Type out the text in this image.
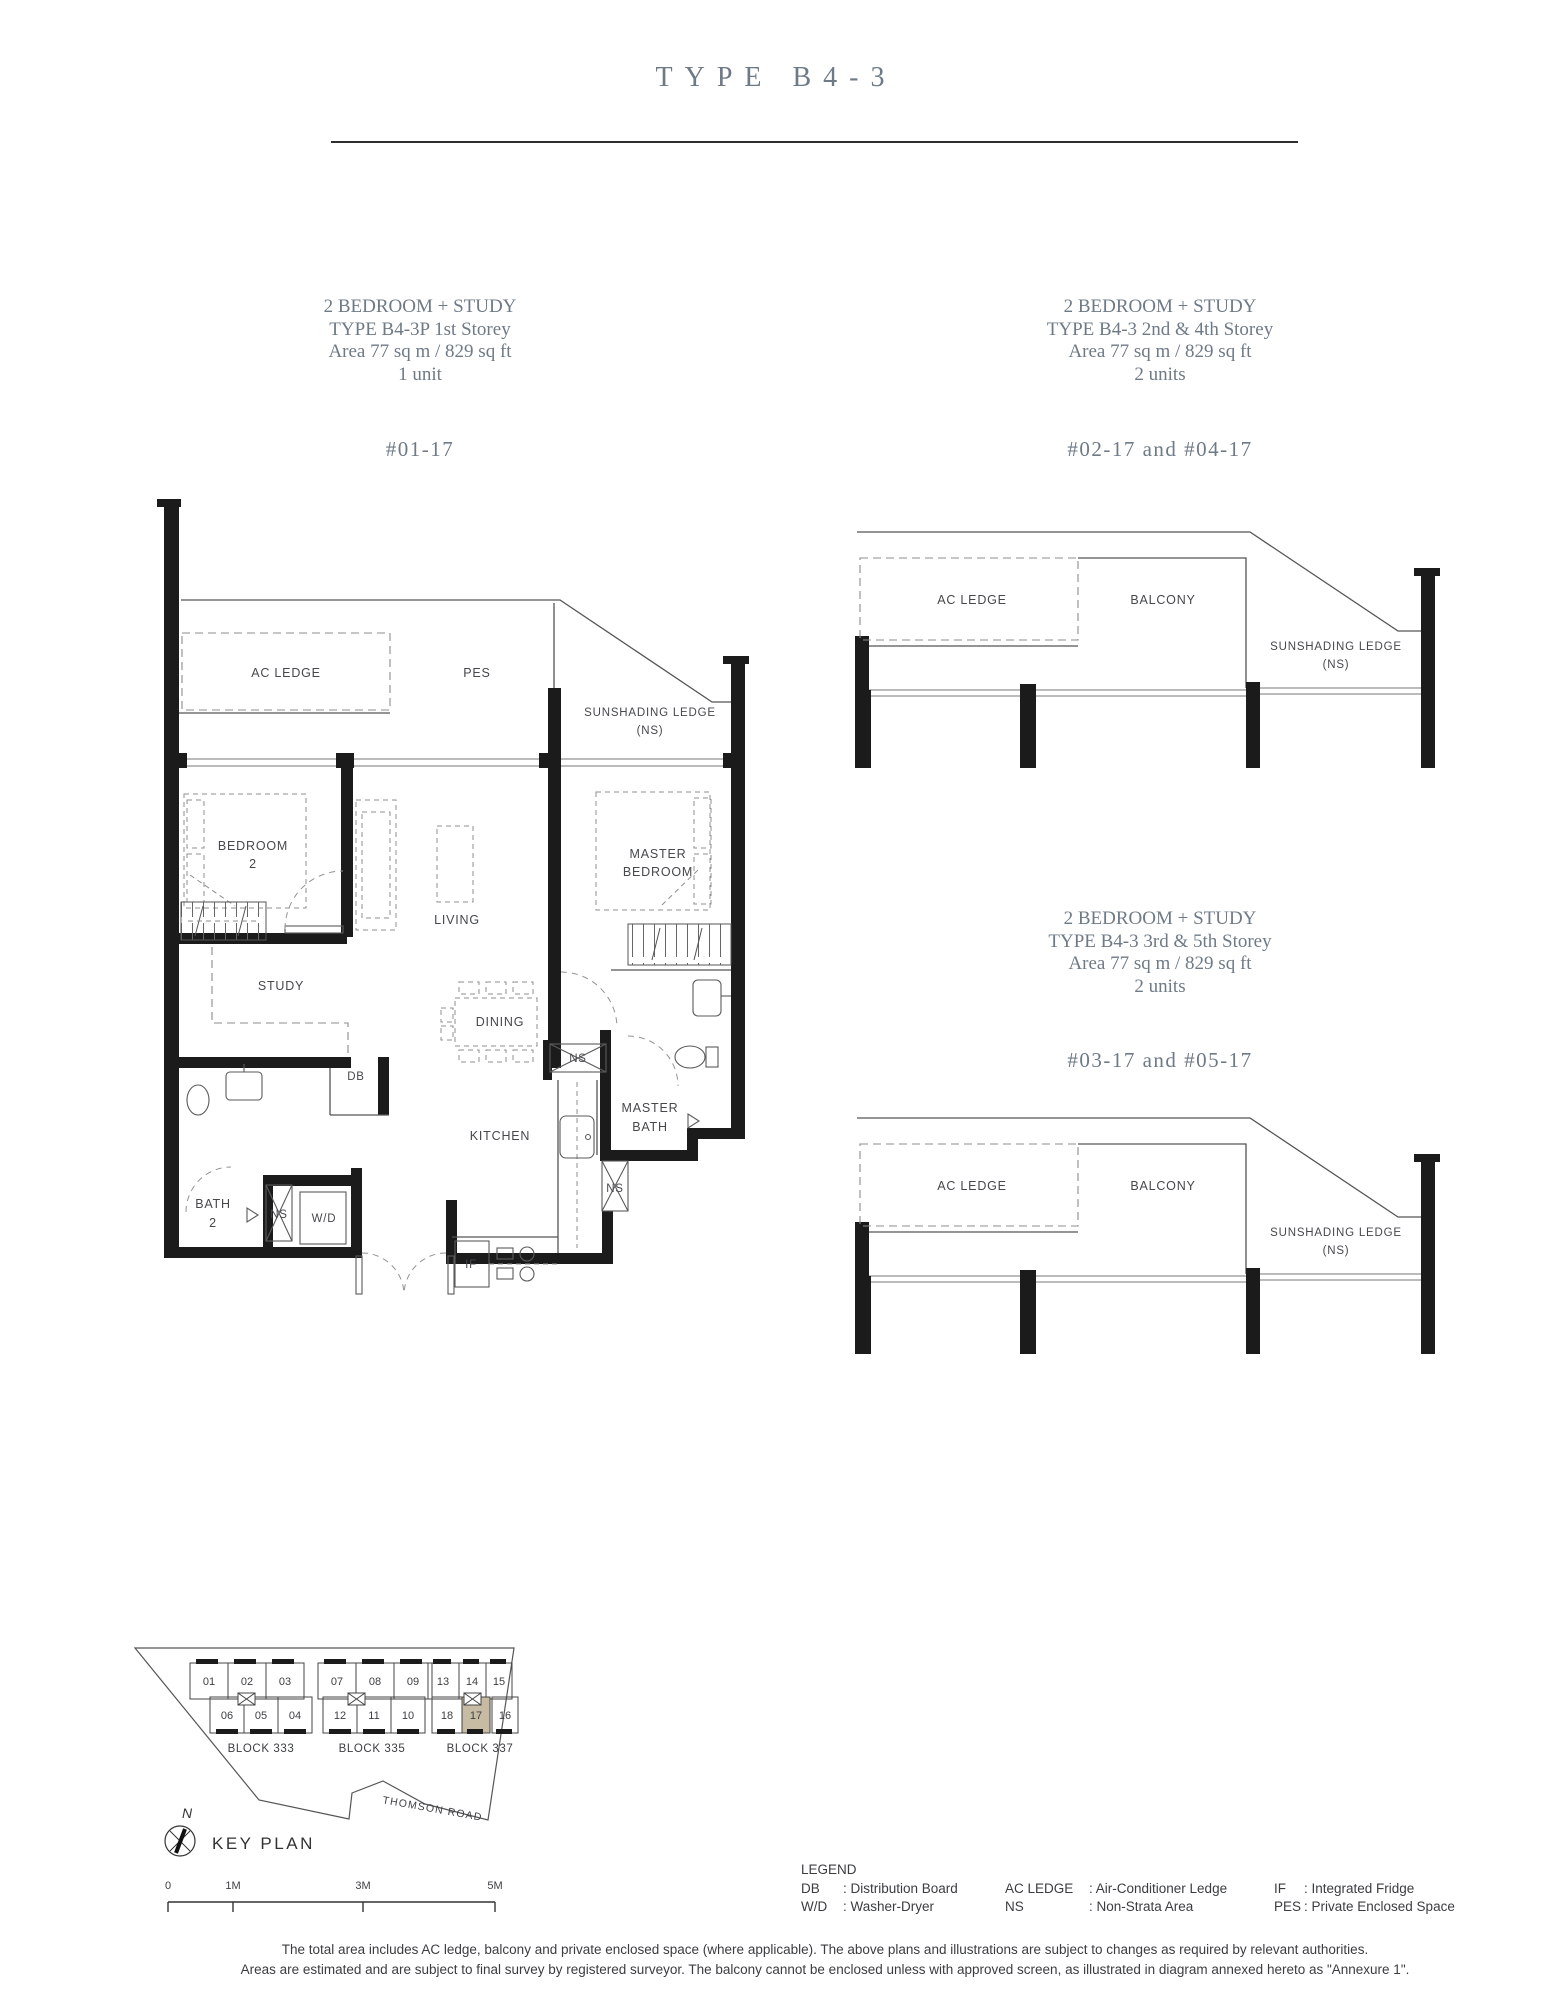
TYPE B4-3
2 BEDROOM + STUDY
TYPE B4-3P 1st Storey
Area 77 sq m / 829 sq ft
1 unit
#01-17
2 BEDROOM + STUDY
TYPE B4-3 2nd & 4th Storey
Area 77 sq m / 829 sq ft
2 units
#02-17 and #04-17
2 BEDROOM + STUDY
TYPE B4-3 3rd & 5th Storey
Area 77 sq m / 829 sq ft
2 units
#03-17 and #05-17
AC LEDGE	PES
SUNSHADING LEDGE
(NS)
BEDROOM
2
LIVING
MASTER
BEDROOM
STUDY
DINING
NS
DB
KITCHEN
MASTER
BATH
NS
BATH
2
NS W/D
IF
AC LEDGE	BALCONY
SUNSHADING LEDGE
(NS)
AC LEDGE	BALCONY
SUNSHADING LEDGE
(NS)
01 02 03	07 08 09 13 14 15
06 05 04	12 11 10 18 17 16
BLOCK 333	BLOCK 335	BLOCK 337
THOMSON ROAD
N
KEY PLAN
0	1M	3M	5M
LEGEND
DB	: Distribution Board
W/D	: Washer-Dryer
AC LEDGE	: Air-Conditioner Ledge
NS	: Non-Strata Area
IF	: Integrated Fridge
PES : Private Enclosed Space
The total area includes AC ledge, balcony and private enclosed space (where applicable). The above plans and illustrations are subject to changes as required by relevant authorities.
Areas are estimated and are subject to final survey by registered surveyor. The balcony cannot be enclosed unless with approved screen, as illustrated in diagram annexed hereto as "Annexure 1".
